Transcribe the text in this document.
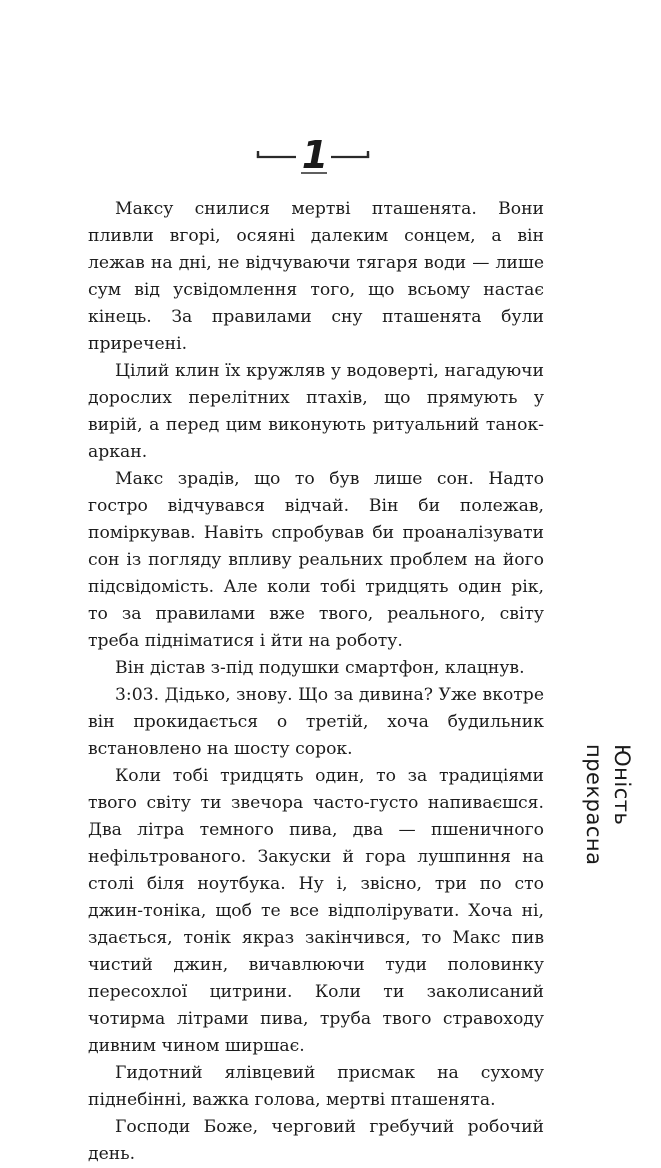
1

Максу снилися мертві пташенята. Вони пливли вгорі, осяяні далеким сонцем, а він лежав на дні, не відчуваючи тягаря води — лише сум від усвідомлення того, що всьому настає кінець. За правилами сну пташенята були приречені.

Цілий клин їх кружляв у водоверті, нагадуючи дорослих перелітних птахів, що прямують у вирій, а перед цим виконують ритуальний танок-аркан.

Макс зрадів, що то був лише сон. Надто гостро відчувався відчай. Він би полежав, поміркував. Навіть спробував би проаналізувати сон із погляду впливу реальних проблем на його підсвідомість. Але коли тобі тридцять один рік, то за правилами вже твого, реального, світу треба підніматися і йти на роботу.

Він дістав з-під подушки смартфон, клацнув.

3:03. Дідько, знову. Що за дивина? Уже вкотре він прокидається о третій, хоча будильник встановлено на шосту сорок.

Коли тобі тридцять один, то за традиціями твого світу ти звечора часто-густо напиваєшся. Два літра темного пива, два — пшеничного нефільтрованого. Закуски й гора лушпиння на столі біля ноутбука. Ну і, звісно, три по сто джин-тоніка, щоб те все відполірувати. Хоча ні, здається, тонік якраз закінчився, то Макс пив чистий джин, вичавлюючи туди половинку пересохлої цитрини. Коли ти заколисаний чотирма літрами пива, труба твого стравоходу дивним чином ширшає.

Гидотний ялівцевий присмак на сухому піднебінні, важка голова, мертві пташенята.

Господи Боже, черговий гребучий робочий день.

Юність прекрасна
